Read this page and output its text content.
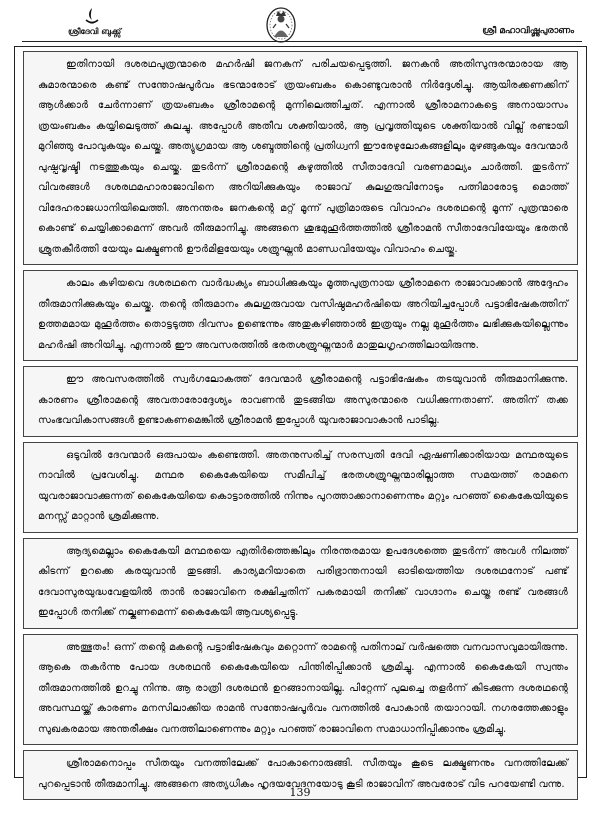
ശ്രീദേവി ബുക്ക്സ്	ശ്രീ മഹാവിഷ്ണുപുരാണം

ഇതിനായി ദശരഥപുത്രന്മാരെ മഹർഷി ജനകന് പരിചയപ്പെടുത്തി. ജനകൻ അതിസുന്ദരന്മാരായ ആ കുമാരന്മാരെ കണ്ട് സന്തോഷപൂർവം ഭടന്മാരോട് ത്രയംബകം കൊണ്ടുവരാൻ നിർദ്ദേശിച്ചു. ആയിരക്കണക്കിന് ആൾക്കാർ ചേർന്നാണ് ത്രയംബകം ശ്രീരാമന്റെ മുന്നിലെത്തിച്ചത്. എന്നാൽ ശ്രീരാമനാകട്ടെ അനായാസം ത്രയംബകം കയ്യിലെടുത്ത് കുലച്ചു. അപ്പോൾ അതീവ ശക്തിയാൽ, ആ പ്രവൃത്തിയുടെ ശക്തിയാൽ വില്ല് രണ്ടായി മുറിഞ്ഞു പോവുകയും ചെയ്തു. അത്യുഗ്രമായ ആ ശബ്ദത്തിന്റെ പ്രതിധ്വനി ഈരേഴുലോകങ്ങളിലും മുഴങ്ങുകയും ദേവന്മാർ പുഷ്പവൃഷ്ടി നടത്തുകയും ചെയ്തു. തുടർന്ന് ശ്രീരാമന്റെ കഴുത്തിൽ സീതാദേവി വരണമാല്യം ചാർത്തി. തുടർന്ന് വിവരങ്ങൾ ദശരഥമഹാരാജാവിനെ അറിയിക്കുകയും രാജാവ് കുലഗുരുവിനോടും പത്നിമാരോടു മൊത്ത് വിദേഹരാജധാനിയിലെത്തി. അനന്തരം ജനകന്റെ മറ്റ് മൂന്ന് പുത്രിമാരുടെ വിവാഹം ദശരഥന്റെ മൂന്ന് പുത്രന്മാരെ കൊണ്ട് ചെയ്യിക്കാമെന്ന് അവർ തീരുമാനിച്ചു. അങ്ങനെ ശുഭമുഹൂർത്തത്തിൽ ശ്രീരാമൻ സീതാദേവിയേയും ഭരതൻ ശ്രുതകീർത്തി യേയും ലക്ഷ്മണൻ ഊർമിളയേയും ശത്രുഘ്നൻ മാണ്ഡവിയേയും വിവാഹം ചെയ്തു.

കാലം കഴിയവെ ദശരഥനെ വാർദ്ധക്യം ബാധിക്കുകയും മൂത്തപുത്രനായ ശ്രീരാമനെ രാജാവാക്കാൻ അദ്ദേഹം തീരുമാനിക്കുകയും ചെയ്തു. തന്റെ തീരുമാനം കുലഗുരുവായ വസിഷ്ഠമഹർഷിയെ അറിയിച്ചപ്പോൾ പട്ടാഭിഷേകത്തിന് ഉത്തമമായ മുഹൂർത്തം തൊട്ടടുത്ത ദിവസം ഉണ്ടെന്നും അതുകഴിഞ്ഞാൽ ഇത്രയും നല്ല മുഹൂർത്തം ലഭിക്കുകയില്ലെന്നും മഹർഷി അറിയിച്ചു. എന്നാൽ ഈ അവസരത്തിൽ ഭരതശത്രുഘ്നന്മാർ മാതുലഗൃഹത്തിലായിരുന്നു.

ഈ അവസരത്തിൽ സ്വർഗലോകത്ത് ദേവന്മാർ ശ്രീരാമന്റെ പട്ടാഭിഷേകം തടയുവാൻ തീരുമാനിക്കുന്നു. കാരണം ശ്രീരാമന്റെ അവതാരോദ്ദേശ്യം രാവണൻ തുടങ്ങിയ അസുരന്മാരെ വധിക്കുന്നതാണ്. അതിന് തക്ക സംഭവവികാസങ്ങൾ ഉണ്ടാകണമെങ്കിൽ ശ്രീരാമൻ ഇപ്പോൾ യുവരാജാവാകാൻ പാടില്ല.

ഒടുവിൽ ദേവന്മാർ ഒരുപായം കണ്ടെത്തി. അതനുസരിച്ച് സരസ്വതി ദേവി ഏഷണിക്കാരിയായ മന്ഥരയുടെ നാവിൽ പ്രവേശിച്ചു. മന്ഥര കൈകേയിയെ സമീപിച്ച് ഭരതശത്രുഘ്നന്മാരില്ലാത്ത സമയത്ത് രാമനെ യുവരാജാവാക്കുന്നത് കൈകേയിയെ കൊട്ടാരത്തിൽ നിന്നും പുറത്താക്കാനാണെന്നും മറ്റും പറഞ്ഞ് കൈകേയിയുടെ മനസ്സ് മാറ്റാൻ ശ്രമിക്കുന്നു.

ആദ്യമെല്ലാം കൈകേയി മന്ഥരയെ എതിർത്തെങ്കിലും നിരന്തരമായ ഉപദേശത്തെ തുടർന്ന് അവൾ നിലത്ത് കിടന്ന് ഉറക്കെ കരയുവാൻ തുടങ്ങി. കാര്യമറിയാതെ പരിഭ്രാന്തനായി ഓടിയെത്തിയ ദശരഥനോട് പണ്ട് ദേവാസുരയുദ്ധവേളയിൽ താൻ രാജാവിനെ രക്ഷിച്ചതിന് പകരമായി തനിക്ക് വാഗ്ദാനം ചെയ്ത രണ്ട് വരങ്ങൾ ഇപ്പോൾ തനിക്ക് നല്കണമെന്ന് കൈകേയി ആവശ്യപ്പെട്ടു.

അത്ഭുതം! ഒന്ന് തന്റെ മകന്റെ പട്ടാഭിഷേകവും മറ്റൊന്ന് രാമന്റെ പതിനാല് വർഷത്തെ വനവാസവുമായിരുന്നു. ആകെ തകർന്നു പോയ ദശരഥൻ കൈകേയിയെ പിന്തിരിപ്പിക്കാൻ ശ്രമിച്ചു. എന്നാൽ കൈകേയി സ്വന്തം തീരുമാനത്തിൽ ഉറച്ചു നിന്നു. ആ രാത്രി ദശരഥൻ ഉറങ്ങാനായില്ല. പിറ്റേന്ന് പുലച്ചെ തളർന്ന് കിടക്കുന്ന ദശരഥന്റെ അവസ്ഥയ്ക്ക് കാരണം മനസിലാക്കിയ രാമൻ സന്തോഷപൂർവം വനത്തിൽ പോകാൻ തയാറായി. നഗരത്തേക്കാളും സുഖകരമായ അന്തരീക്ഷം വനത്തിലാണെന്നും മറ്റും പറഞ്ഞ് രാജാവിനെ സമാധാനിപ്പിക്കാനും ശ്രമിച്ചു.

ശ്രീരാമനൊപ്പം സീതയും വനത്തിലേക്ക് പോകാനൊരുങ്ങി. സീതയും കൂടെ ലക്ഷ്മണനും വനത്തിലേക്ക് പുറപ്പെടാൻ തീരുമാനിച്ചു. അങ്ങനെ അത്യധികം ഹൃദയവേദനയോടു കൂടി രാജാവിന് അവരോട് വിട പറയേണ്ടി വന്നു.

139
